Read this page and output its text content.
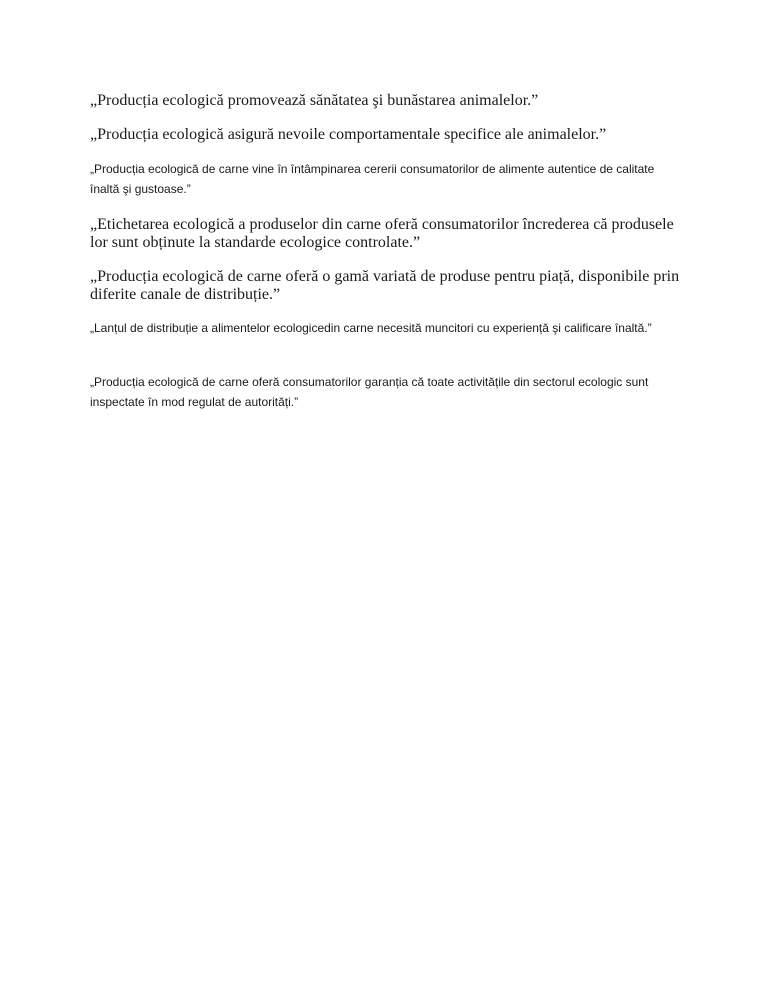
„Producția ecologică promovează sănătatea şi bunăstarea animalelor.”

„Producția ecologică asigură nevoile comportamentale specifice ale animalelor.”

„Producția ecologică de carne vine în întâmpinarea cererii consumatorilor de alimente autentice de calitate înaltă şi gustoase.”

„Etichetarea ecologică a produselor din carne oferă consumatorilor încrederea că produsele lor sunt obținute la standarde ecologice controlate.”

„Producția ecologică de carne oferă o gamă variată de produse pentru piață, disponibile prin diferite canale de distribuție.”

„Lanțul de distribuție a alimentelor ecologicedin carne necesită muncitori cu experiență şi calificare înaltă.”

„Producția ecologică de carne oferă consumatorilor garanția că toate activitățile din sectorul ecologic sunt inspectate în mod regulat de autorități.”
